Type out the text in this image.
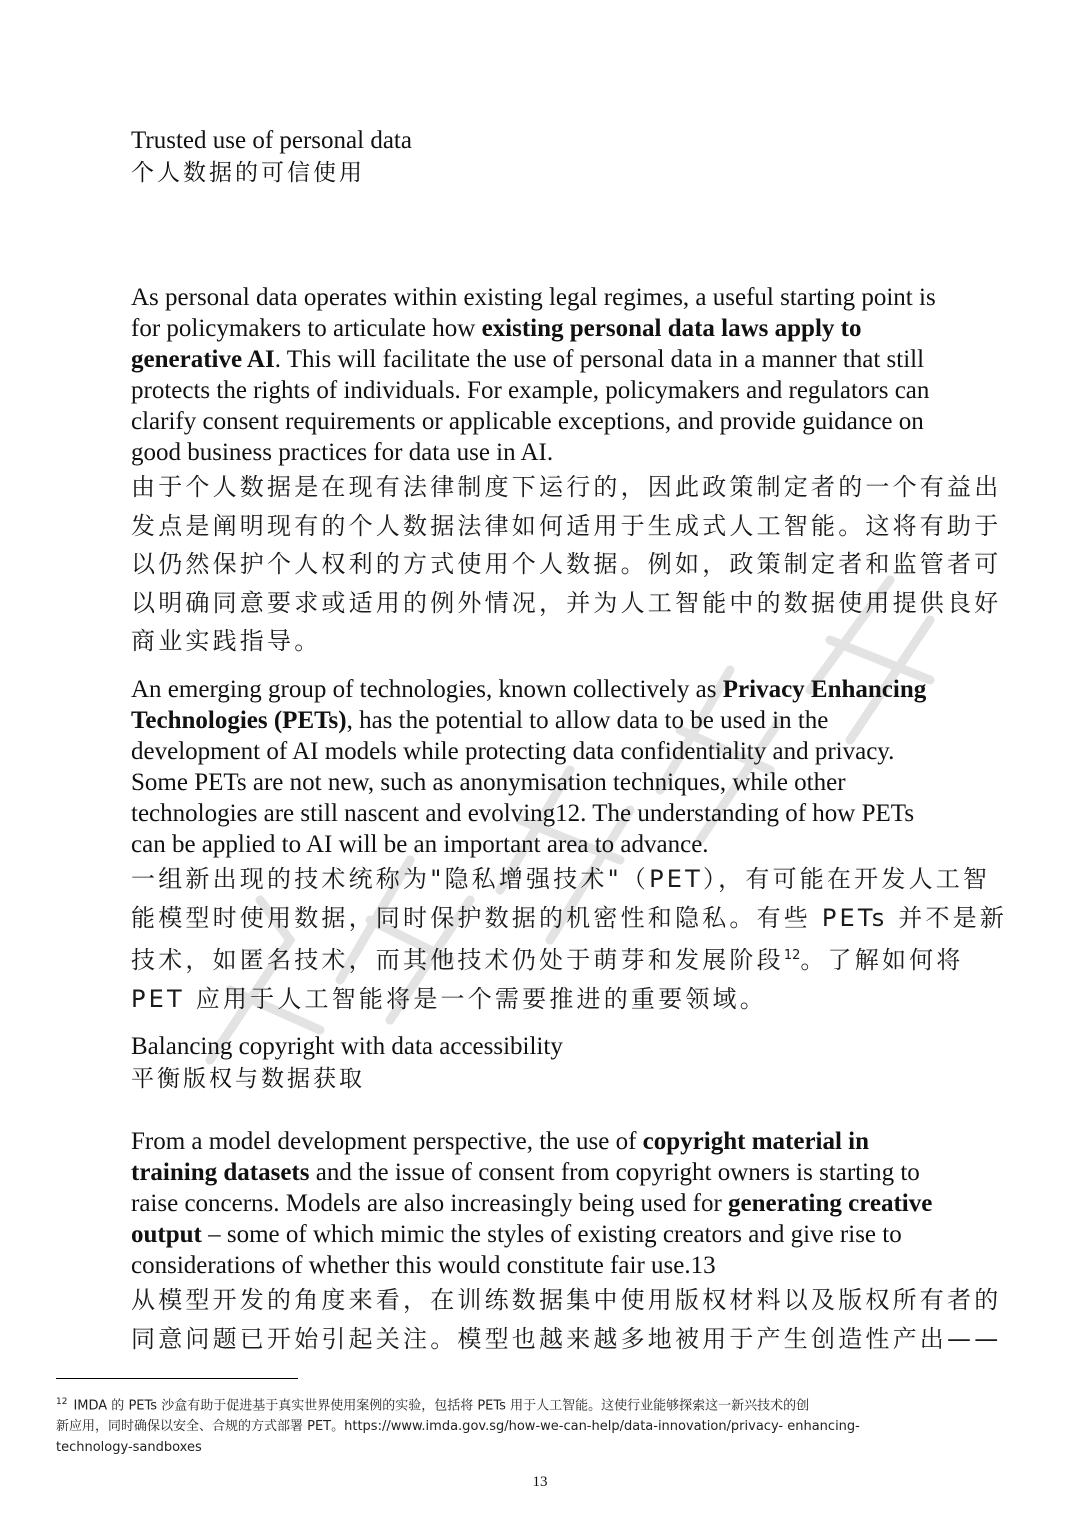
Trusted use of personal data

个人数据的可信使用

As personal data operates within existing legal regimes, a useful starting point is

for policymakers to articulate how existing personal data laws apply to

generative AI. This will facilitate the use of personal data in a manner that still

protects the rights of individuals. For example, policymakers and regulators can

clarify consent requirements or applicable exceptions, and provide guidance on

good business practices for data use in AI.

由于个人数据是在现有法律制度下运行的，因此政策制定者的一个有益出

发点是阐明现有的个人数据法律如何适用于生成式人工智能。这将有助于

以仍然保护个人权利的方式使用个人数据。例如，政策制定者和监管者可

以明确同意要求或适用的例外情况，并为人工智能中的数据使用提供良好

商业实践指导。

An emerging group of technologies, known collectively as Privacy Enhancing

Technologies (PETs), has the potential to allow data to be used in the

development of AI models while protecting data confidentiality and privacy.

Some PETs are not new, such as anonymisation techniques, while other

technologies are still nascent and evolving12. The understanding of how PETs

can be applied to AI will be an important area to advance.

一组新出现的技术统称为"隐私增强技术"（PET），有可能在开发人工智

能模型时使用数据，同时保护数据的机密性和隐私。有些 PETs 并不是新

技术，如匿名技术，而其他技术仍处于萌芽和发展阶段$^{12}$。了解如何将

PET 应用于人工智能将是一个需要推进的重要领域。

Balancing copyright with data accessibility

平衡版权与数据获取

From a model development perspective, the use of copyright material in

training datasets and the issue of consent from copyright owners is starting to

raise concerns. Models are also increasingly being used for generating creative

output – some of which mimic the styles of existing creators and give rise to

considerations of whether this would constitute fair use.13

从模型开发的角度来看，在训练数据集中使用版权材料以及版权所有者的

同意问题已开始引起关注。模型也越来越多地被用于产生创造性产出——

$^{12}$ IMDA 的 PETs 沙盒有助于促进基于真实世界使用案例的实验，包括将 PETs 用于人工智能。这使行业能够探索这一新兴技术的创
新应用，同时确保以安全、合规的方式部署 PET。https://www.imda.gov.sg/how-we-can-help/data-innovation/privacy- enhancing-
technology-sandboxes
13
